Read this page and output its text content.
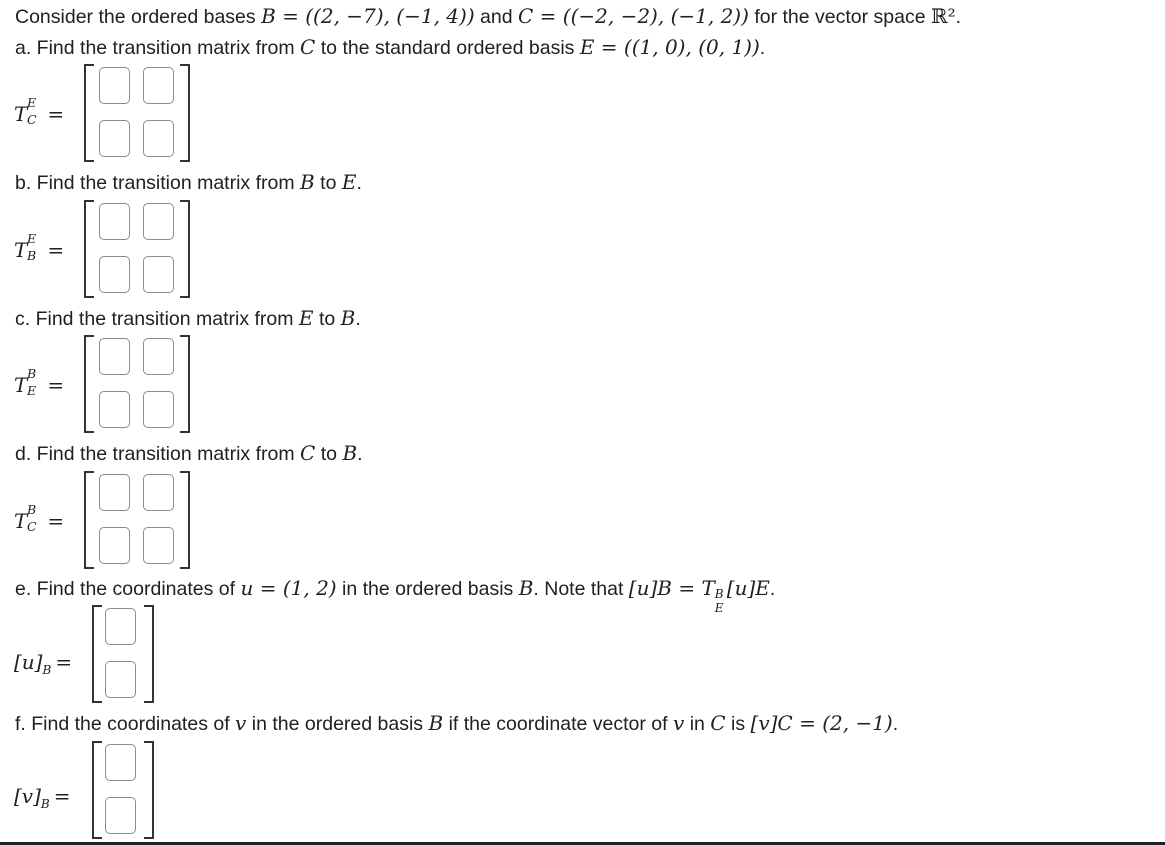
Consider the ordered bases B = ((2, −7), (−1, 4)) and C = ((−2, −2), (−1, 2)) for the vector space ℝ².
a. Find the transition matrix from C to the standard ordered basis E = ((1, 0), (0, 1)).
T E
C =
b. Find the transition matrix from B to E.
T E
B =
c. Find the transition matrix from E to B.
T B
E =
d. Find the transition matrix from C to B.
T B
C =
e. Find the coordinates of u = (1, 2) in the ordered basis B. Note that [u]B = T B
E
[u]E.
$[u]_B$ =
f. Find the coordinates of v in the ordered basis B if the coordinate vector of v in C is [v]C = (2, −1).
$[v]_B$ =
